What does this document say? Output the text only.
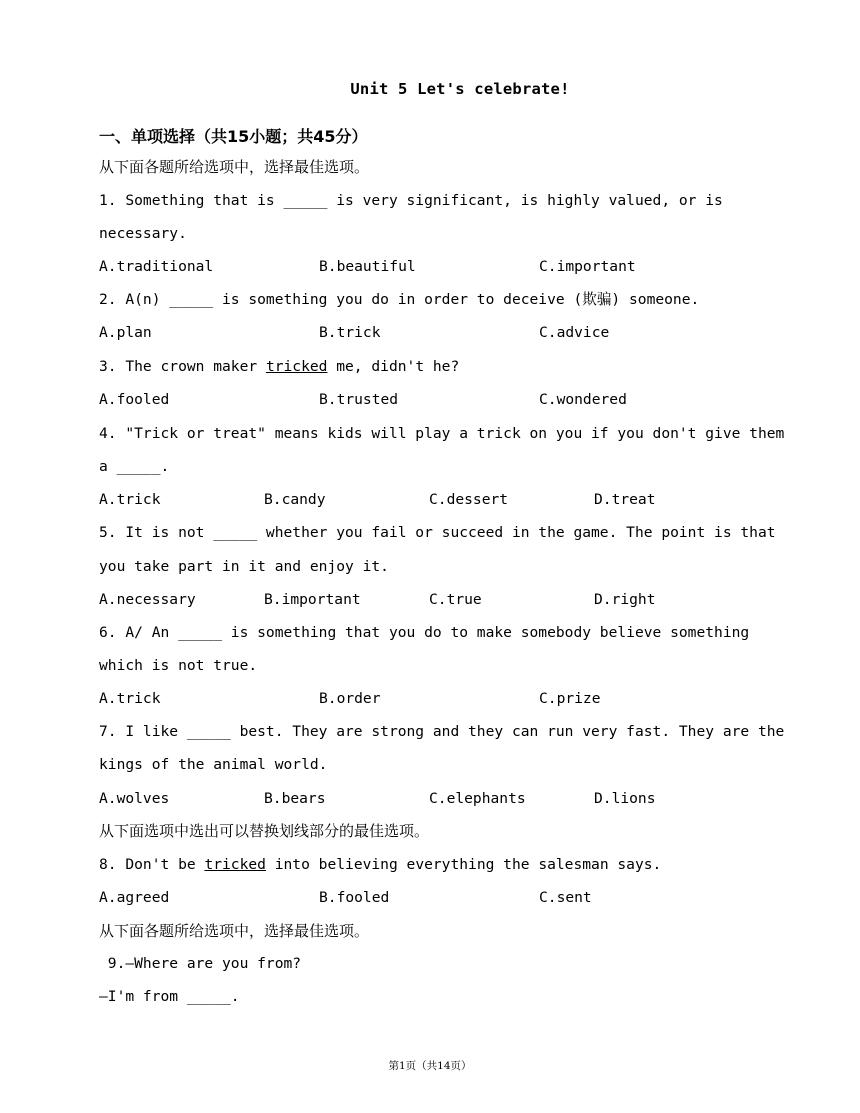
Unit 5 Let's celebrate!
一、单项选择（共15小题；共45分）
从下面各题所给选项中，选择最佳选项。
1. Something that is _____ is very significant, is highly valued, or is
necessary.
A.traditional	B.beautiful	C.important
2. A(n) _____ is something you do in order to deceive (欺骗) someone.
A.plan	B.trick	C.advice
3. The crown maker tricked me, didn't he?
A.fooled	B.trusted	C.wondered
4. "Trick or treat" means kids will play a trick on you if you don't give them
a _____.
A.trick	B.candy	C.dessert	D.treat
5. It is not _____ whether you fail or succeed in the game. The point is that
you take part in it and enjoy it.
A.necessary	B.important	C.true	D.right
6. A/ An _____ is something that you do to make somebody believe something
which is not true.
A.trick	B.order	C.prize
7. I like _____ best. They are strong and they can run very fast. They are the
kings of the animal world.
A.wolves	B.bears	C.elephants	D.lions
从下面选项中选出可以替换划线部分的最佳选项。
8. Don't be tricked into believing everything the salesman says.
A.agreed	B.fooled	C.sent
从下面各题所给选项中，选择最佳选项。
9.—Where are you from?
—I'm from _____.
第1页（共14页）
